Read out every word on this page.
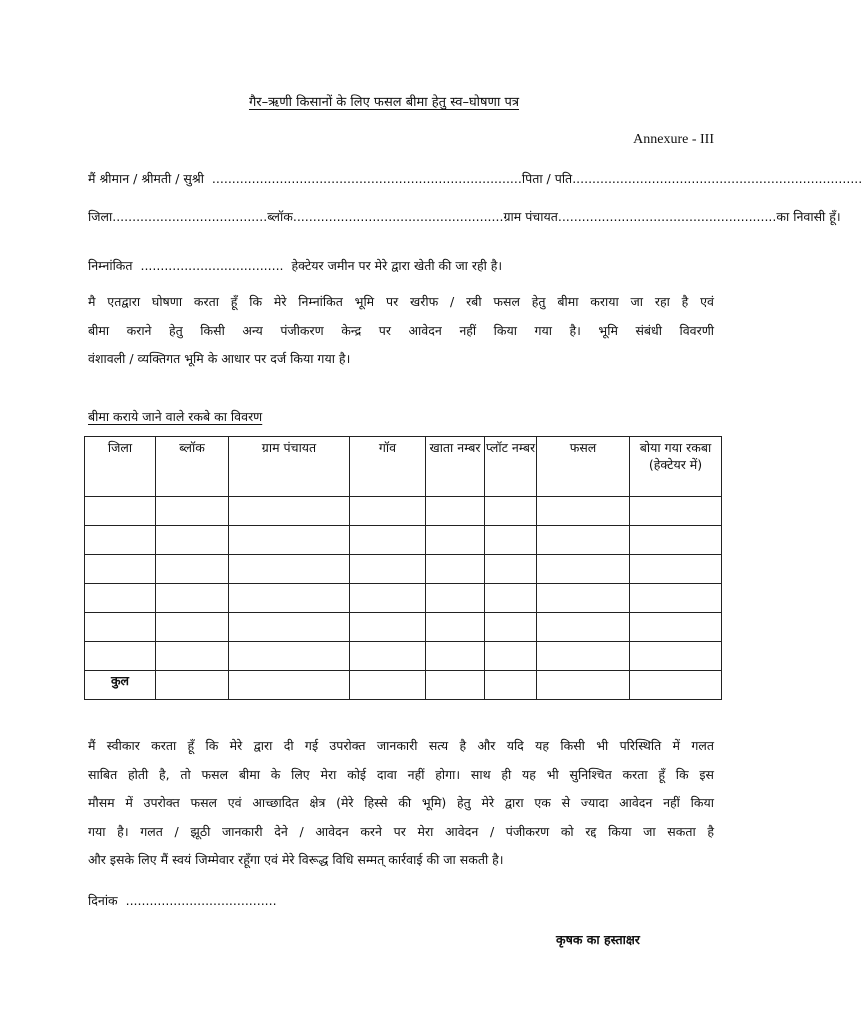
गैर–ऋणी किसानों के लिए फसल बीमा हेतु स्व–घोषणा पत्र
Annexure - III
मैं श्रीमान / श्रीमती / सुश्री  ..............................................................................पिता / पति.........................................................................
जिला.......................................ब्लॉक.....................................................ग्राम पंचायत.......................................................का निवासी हूँ।
निम्नांकित  ....................................  हेक्टेयर जमीन पर मेरे द्वारा खेती की जा रही है।
मै एतद्वारा घोषणा करता हूँ कि मेरे निम्नांकित भूमि पर खरीफ / रबी फसल हेतु बीमा कराया जा रहा है एवं
बीमा कराने हेतु किसी अन्य पंजीकरण केन्द्र पर आवेदन नहीं किया गया है। भूमि संबंधी विवरणी
वंशावली / व्यक्तिगत भूमि के आधार पर दर्ज किया गया है।
बीमा कराये जाने वाले रकबे का विवरण
जिला	ब्लॉक	ग्राम पंचायत	गॉव	खाता नम्बर	प्लॉट नम्बर	फसल	बोया गया रकबा (हेक्टेयर में)

कुल							
मैं स्वीकार करता हूँ कि मेरे द्वारा दी गई उपरोक्त जानकारी सत्य है और यदि यह किसी भी परिस्थिति में गलत
साबित होती है, तो फसल बीमा के लिए मेरा कोई दावा नहीं होगा। साथ ही यह भी सुनिश्चित करता हूँ कि इस
मौसम में उपरोक्त फसल एवं आच्छादित क्षेत्र (मेरे हिस्से की भूमि) हेतु मेरे द्वारा एक से ज्यादा आवेदन नहीं किया
गया है। गलत / झूठी जानकारी देने / आवेदन करने पर मेरा आवेदन / पंजीकरण को रद्द किया जा सकता है
और इसके लिए मैं स्वयं जिम्मेवार रहूँगा एवं मेरे विरूद्ध विधि सम्मत् कार्रवाई की जा सकती है।
दिनांक  ......................................
कृषक का हस्ताक्षर
